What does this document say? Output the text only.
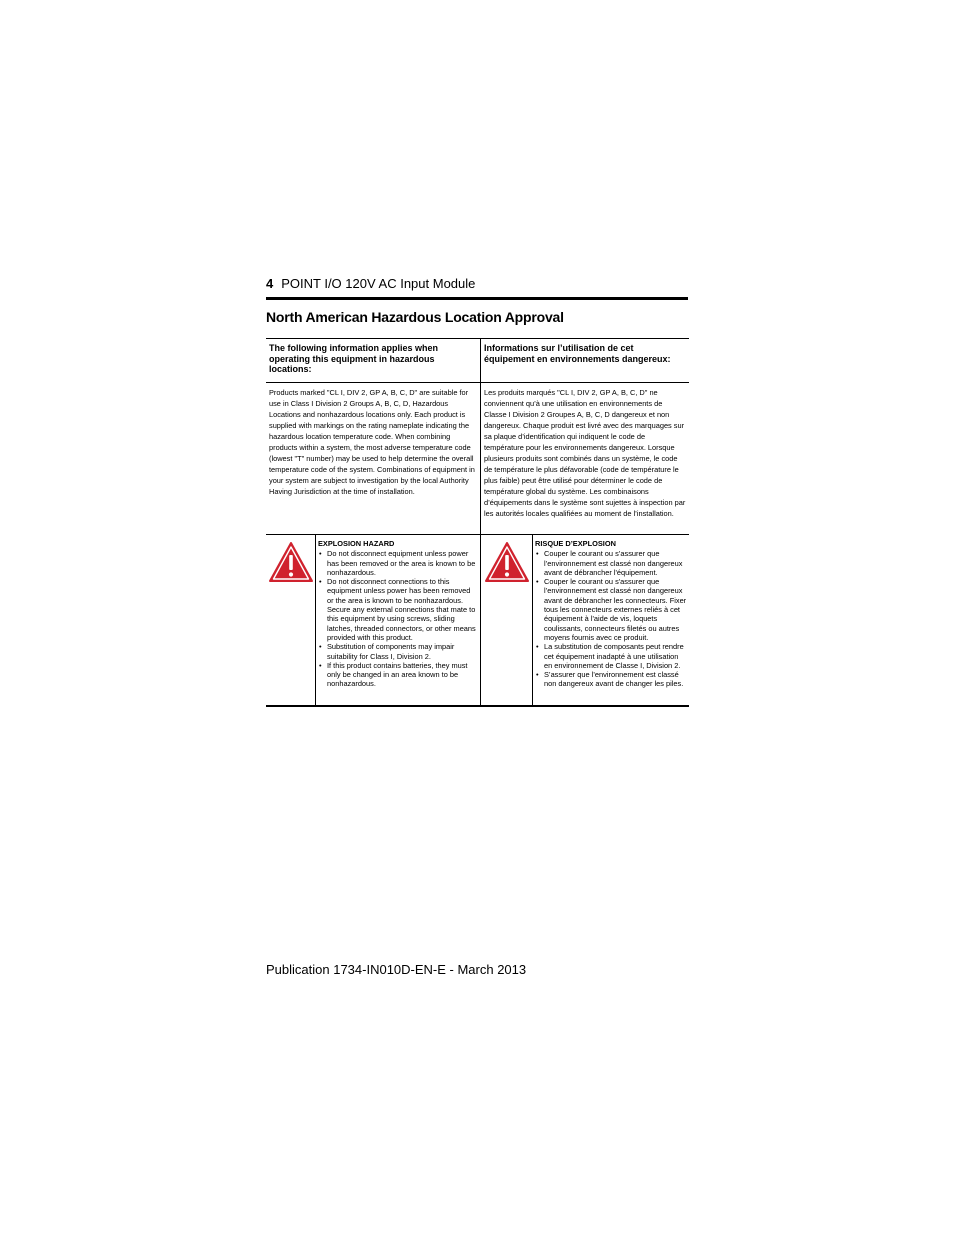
4 POINT I/O 120V AC Input Module
North American Hazardous Location Approval
The following information applies when operating this equipment in hazardous locations:
Informations sur l’utilisation de cet équipement en environnements dangereux:
Products marked "CL I, DIV 2, GP A, B, C, D" are suitable for use in Class I Division 2 Groups A, B, C, D, Hazardous Locations and nonhazardous locations only. Each product is supplied with markings on the rating nameplate indicating the hazardous location temperature code. When combining products within a system, the most adverse temperature code (lowest "T" number) may be used to help determine the overall temperature code of the system. Combinations of equipment in your system are subject to investigation by the local Authority Having Jurisdiction at the time of installation.
Les produits marqués "CL I, DIV 2, GP A, B, C, D" ne conviennent qu’à une utilisation en environnements de Classe I Division 2 Groupes A, B, C, D dangereux et non dangereux. Chaque produit est livré avec des marquages sur sa plaque d’identification qui indiquent le code de température pour les environnements dangereux. Lorsque plusieurs produits sont combinés dans un système, le code de température le plus défavorable (code de température le plus faible) peut être utilisé pour déterminer le code de température global du système. Les combinaisons d’équipements dans le système sont sujettes à inspection par les autorités locales qualifiées au moment de l’installation.
EXPLOSION HAZARD
• Do not disconnect equipment unless power has been removed or the area is known to be nonhazardous.
• Do not disconnect connections to this equipment unless power has been removed or the area is known to be nonhazardous. Secure any external connections that mate to this equipment by using screws, sliding latches, threaded connectors, or other means provided with this product.
• Substitution of components may impair suitability for Class I, Division 2.
• If this product contains batteries, they must only be changed in an area known to be nonhazardous.
RISQUE D’EXPLOSION
• Couper le courant ou s’assurer que l’environnement est classé non dangereux avant de débrancher l'équipement.
• Couper le courant ou s'assurer que l’environnement est classé non dangereux avant de débrancher les connecteurs. Fixer tous les connecteurs externes reliés à cet équipement à l'aide de vis, loquets coulissants, connecteurs filetés ou autres moyens fournis avec ce produit.
• La substitution de composants peut rendre cet équipement inadapté à une utilisation en environnement de Classe I, Division 2.
• S’assurer que l’environnement est classé non dangereux avant de changer les piles.
Publication 1734-IN010D-EN-E - March 2013
